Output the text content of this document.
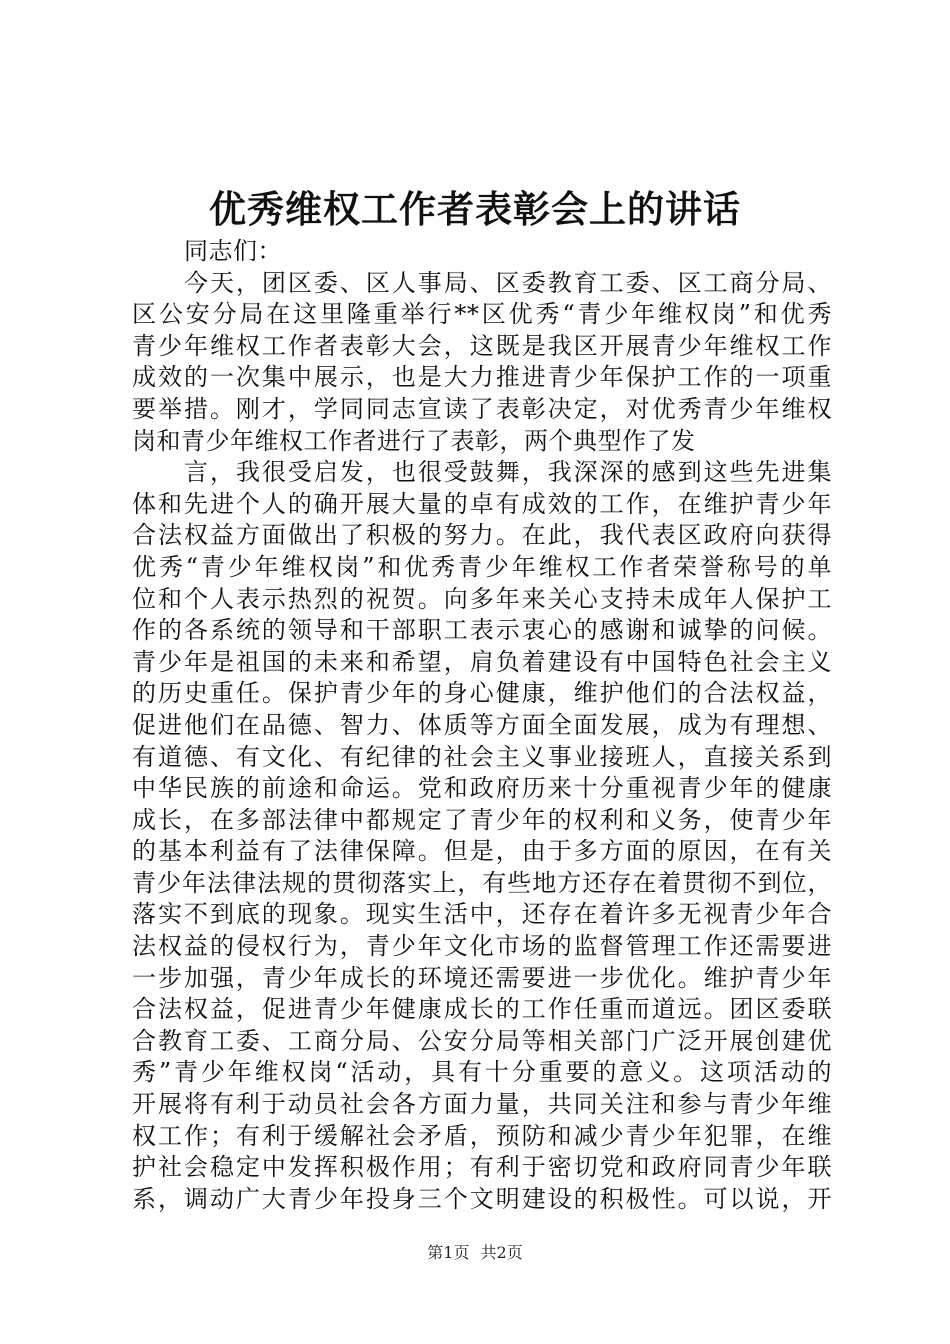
优秀维权工作者表彰会上的讲话
同志们：
今天，团区委、区人事局、区委教育工委、区工商分局、
区公安分局在这里隆重举行**区优秀“青少年维权岗”和优秀
青少年维权工作者表彰大会，这既是我区开展青少年维权工作
成效的一次集中展示，也是大力推进青少年保护工作的一项重
要举措。刚才，学同同志宣读了表彰决定，对优秀青少年维权
岗和青少年维权工作者进行了表彰，两个典型作了发
言，我很受启发，也很受鼓舞，我深深的感到这些先进集
体和先进个人的确开展大量的卓有成效的工作，在维护青少年
合法权益方面做出了积极的努力。在此，我代表区政府向获得
优秀“青少年维权岗”和优秀青少年维权工作者荣誉称号的单
位和个人表示热烈的祝贺。向多年来关心支持未成年人保护工
作的各系统的领导和干部职工表示衷心的感谢和诚挚的问候。
青少年是祖国的未来和希望，肩负着建设有中国特色社会主义
的历史重任。保护青少年的身心健康，维护他们的合法权益，
促进他们在品德、智力、体质等方面全面发展，成为有理想、
有道德、有文化、有纪律的社会主义事业接班人，直接关系到
中华民族的前途和命运。党和政府历来十分重视青少年的健康
成长，在多部法律中都规定了青少年的权利和义务，使青少年
的基本利益有了法律保障。但是，由于多方面的原因，在有关
青少年法律法规的贯彻落实上，有些地方还存在着贯彻不到位，
落实不到底的现象。现实生活中，还存在着许多无视青少年合
法权益的侵权行为，青少年文化市场的监督管理工作还需要进
一步加强，青少年成长的环境还需要进一步优化。维护青少年
合法权益，促进青少年健康成长的工作任重而道远。团区委联
合教育工委、工商分局、公安分局等相关部门广泛开展创建优
秀”青少年维权岗“活动，具有十分重要的意义。这项活动的
开展将有利于动员社会各方面力量，共同关注和参与青少年维
权工作；有利于缓解社会矛盾，预防和减少青少年犯罪，在维
护社会稳定中发挥积极作用；有利于密切党和政府同青少年联
系，调动广大青少年投身三个文明建设的积极性。可以说，开
第1页 共2页
